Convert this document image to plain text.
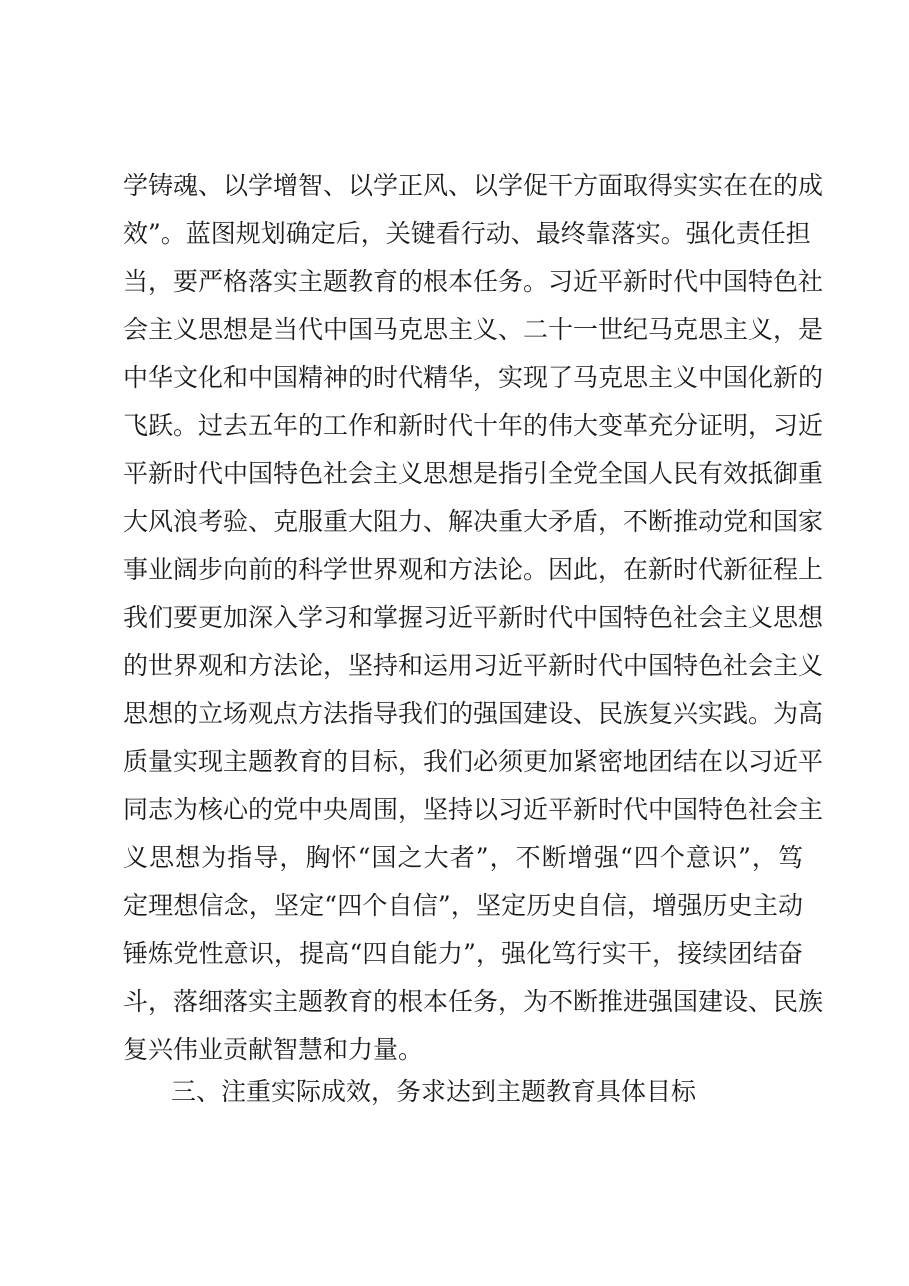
学铸魂、以学增智、以学正风、以学促干方面取得实实在在的成
效”。蓝图规划确定后，关键看行动、最终靠落实。强化责任担
当，要严格落实主题教育的根本任务。习近平新时代中国特色社
会主义思想是当代中国马克思主义、二十一世纪马克思主义，是
中华文化和中国精神的时代精华，实现了马克思主义中国化新的
飞跃。过去五年的工作和新时代十年的伟大变革充分证明，习近
平新时代中国特色社会主义思想是指引全党全国人民有效抵御重
大风浪考验、克服重大阻力、解决重大矛盾，不断推动党和国家
事业阔步向前的科学世界观和方法论。因此，在新时代新征程上
我们要更加深入学习和掌握习近平新时代中国特色社会主义思想
的世界观和方法论，坚持和运用习近平新时代中国特色社会主义
思想的立场观点方法指导我们的强国建设、民族复兴实践。为高
质量实现主题教育的目标，我们必须更加紧密地团结在以习近平
同志为核心的党中央周围，坚持以习近平新时代中国特色社会主
义思想为指导，胸怀“国之大者”，不断增强“四个意识”，笃
定理想信念，坚定“四个自信”，坚定历史自信，增强历史主动
锤炼党性意识，提高“四自能力”，强化笃行实干，接续团结奋
斗，落细落实主题教育的根本任务，为不断推进强国建设、民族
复兴伟业贡献智慧和力量。
三、注重实际成效，务求达到主题教育具体目标
